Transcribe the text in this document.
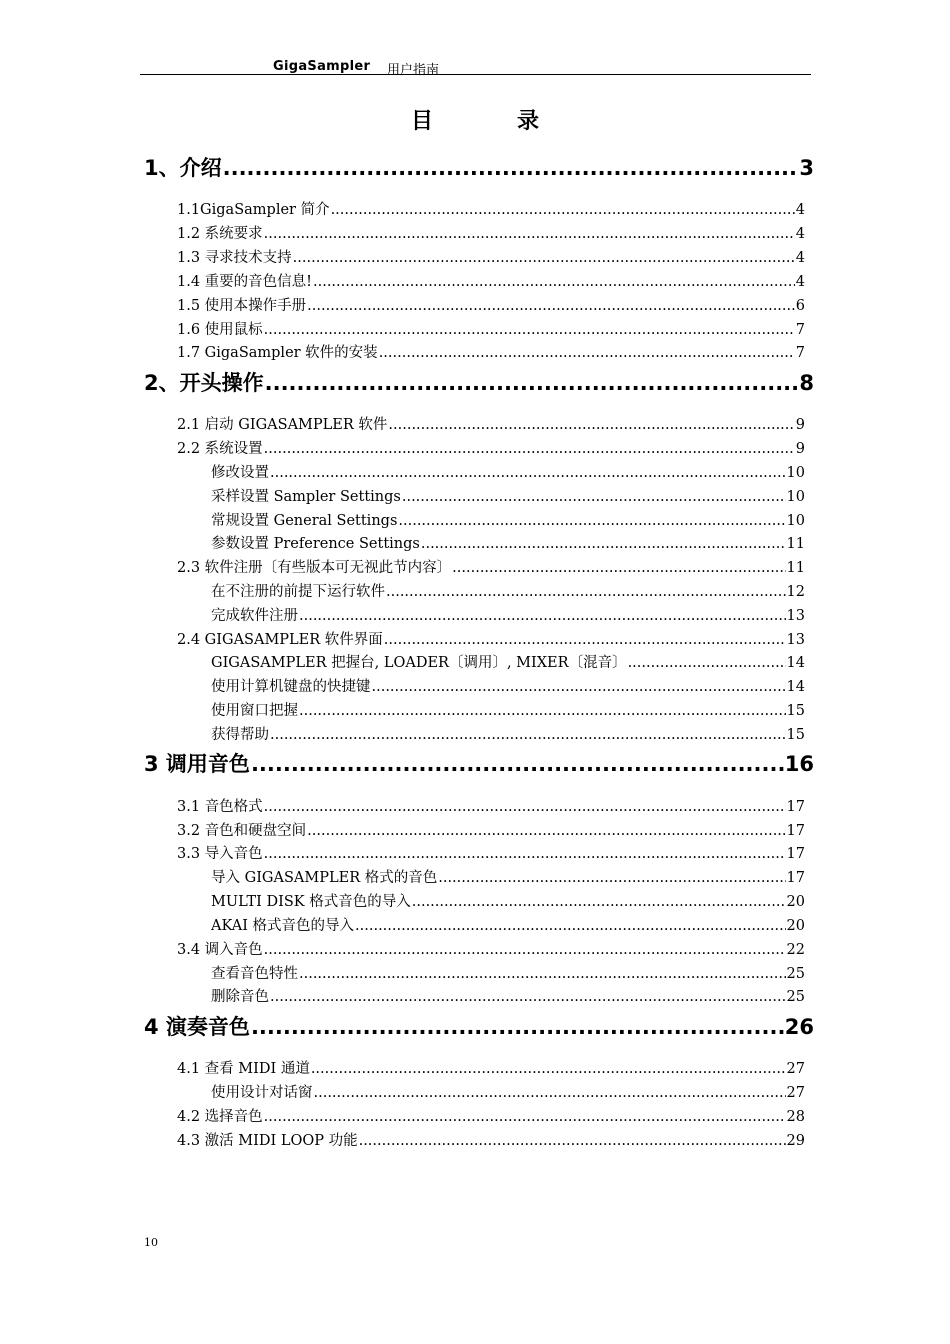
GigaSampler 用户指南
目	录
1、介绍 .....	3
1.1GigaSampler 简介 .....	4
1.2 系统要求 .....	4
1.3 寻求技术支持 .....	4
1.4 重要的音色信息! .....	4
1.5 使用本操作手册 .....	6
1.6 使用鼠标 .....	7
1.7 GigaSampler 软件的安装 .....	7
2、开头操作 .....	8
2.1 启动 GIGASAMPLER 软件 .....	9
2.2 系统设置 .....	9
修改设置 .....	10
采样设置 Sampler Settings .....	10
常规设置 General Settings .....	10
参数设置 Preference Settings .....	11
2.3 软件注册〔有些版本可无视此节内容〕 .....	11
在不注册的前提下运行软件 .....	12
完成软件注册 .....	13
2.4 GIGASAMPLER 软件界面 .....	13
GIGASAMPLER 把握台, LOADER〔调用〕, MIXER〔混音〕 .....	14
使用计算机键盘的快捷键 .....	14
使用窗口把握 .....	15
获得帮助 .....	15
3 调用音色 .....	16
3.1 音色格式 .....	17
3.2 音色和硬盘空间 .....	17
3.3 导入音色 .....	17
导入 GIGASAMPLER 格式的音色 .....	17
MULTI DISK 格式音色的导入 .....	20
AKAI 格式音色的导入 .....	20
3.4 调入音色 .....	22
查看音色特性 .....	25
删除音色 .....	25
4 演奏音色 .....	26
4.1 查看 MIDI 通道 .....	27
使用设计对话窗 .....	27
4.2 选择音色 .....	28
4.3 激活 MIDI LOOP 功能 .....	29
10
